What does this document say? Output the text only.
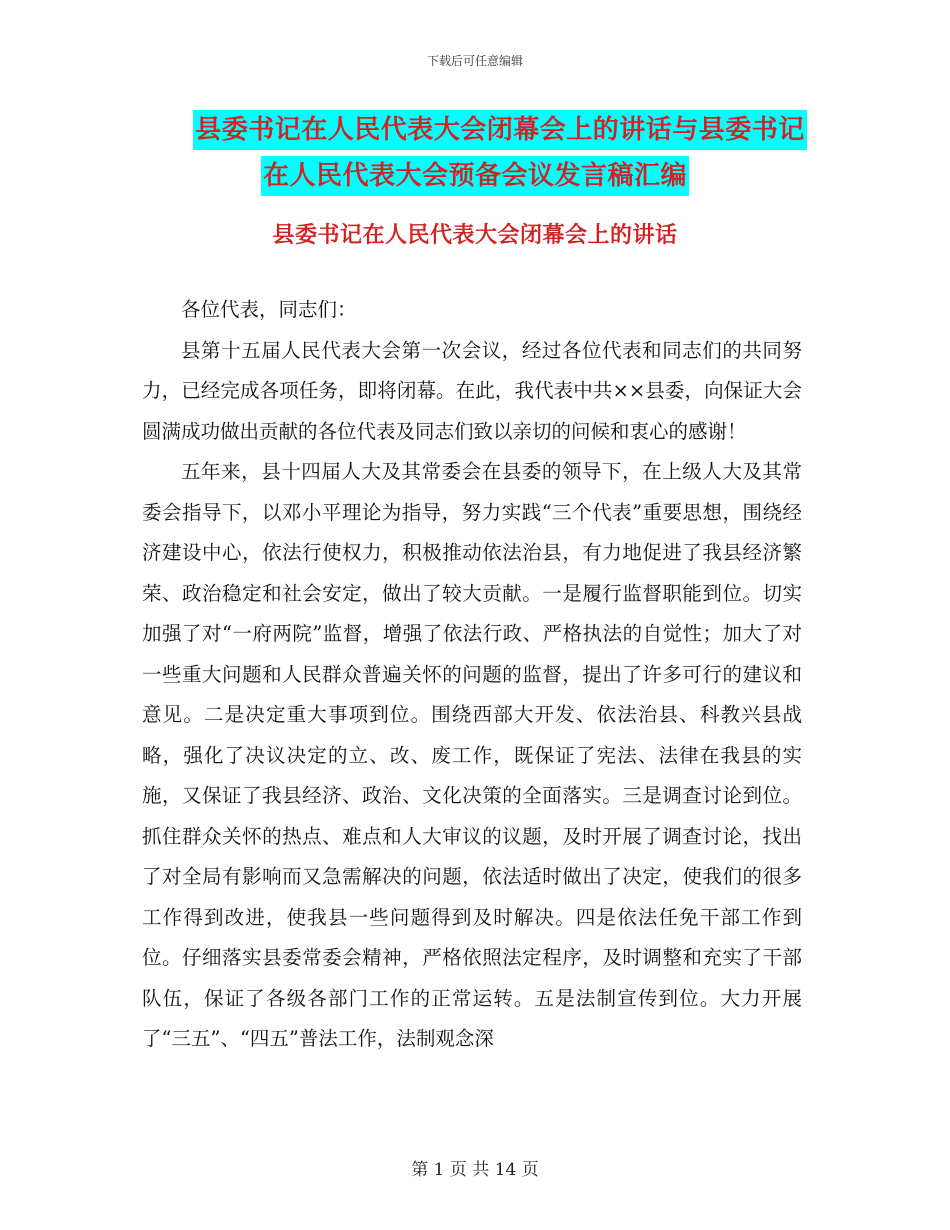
下载后可任意编辑
县委书记在人民代表大会闭幕会上的讲话与县委书记
在人民代表大会预备会议发言稿汇编
县委书记在人民代表大会闭幕会上的讲话

各位代表，同志们：

县第十五届人民代表大会第一次会议，经过各位代表和同志们的共同努力，已经完成各项任务，即将闭幕。在此，我代表中共××县委，向保证大会圆满成功做出贡献的各位代表及同志们致以亲切的问候和衷心的感谢！

五年来，县十四届人大及其常委会在县委的领导下，在上级人大及其常委会指导下，以邓小平理论为指导，努力实践“三个代表”重要思想，围绕经济建设中心，依法行使权力，积极推动依法治县，有力地促进了我县经济繁荣、政治稳定和社会安定，做出了较大贡献。一是履行监督职能到位。切实加强了对“一府两院”监督，增强了依法行政、严格执法的自觉性；加大了对一些重大问题和人民群众普遍关怀的问题的监督，提出了许多可行的建议和意见。二是决定重大事项到位。围绕西部大开发、依法治县、科教兴县战略，强化了决议决定的立、改、废工作，既保证了宪法、法律在我县的实施，又保证了我县经济、政治、文化决策的全面落实。三是调查讨论到位。抓住群众关怀的热点、难点和人大审议的议题，及时开展了调查讨论，找出了对全局有影响而又急需解决的问题，依法适时做出了决定，使我们的很多工作得到改进，使我县一些问题得到及时解决。四是依法任免干部工作到位。仔细落实县委常委会精神，严格依照法定程序，及时调整和充实了干部队伍，保证了各级各部门工作的正常运转。五是法制宣传到位。大力开展了“三五”、“四五”普法工作，法制观念深

第 1 页 共 14 页
